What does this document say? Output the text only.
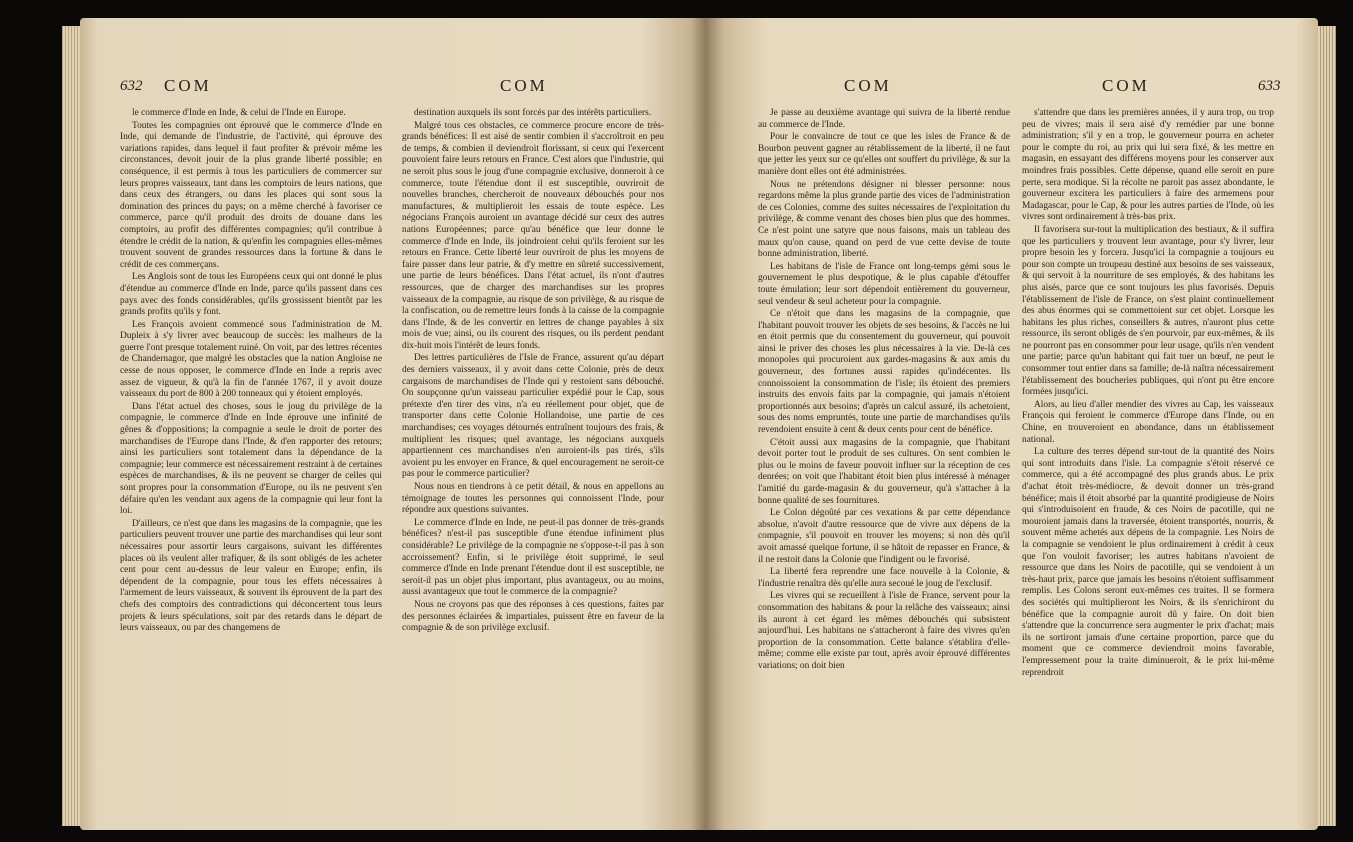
632 COM	COM

le commerce d'Inde en Inde, & celui de l'Inde en Europe.

Toutes les compagnies ont éprouvé que le commerce d'Inde en Inde, qui demande de l'industrie, de l'activité, qui éprouve des variations rapides, dans lequel il faut profiter & prévoir même les circonstances, devoit jouir de la plus grande liberté possible; en conséquence, il est permis à tous les particuliers de commercer sur leurs propres vaisseaux, tant dans les comptoirs de leurs nations, que dans ceux des étrangers, ou dans les places qui sont sous la domination des princes du pays; on a même cherché à favoriser ce commerce, parce qu'il produit des droits de douane dans les comptoirs, au profit des différentes compagnies; qu'il contribue à étendre le crédit de la nation, & qu'enfin les compagnies elles-mêmes trouvent souvent de grandes ressources dans la fortune & dans le crédit de ces commerçans.

Les Anglois sont de tous les Européens ceux qui ont donné le plus d'étendue au commerce d'Inde en Inde, parce qu'ils passent dans ces pays avec des fonds considérables, qu'ils grossissent bientôt par les grands profits qu'ils y font.

Les François avoient commencé sous l'administration de M. Dupleix à s'y livrer avec beaucoup de succès: les malheurs de la guerre l'ont presque totalement ruiné. On voit, par des lettres récentes de Chandernagor, que malgré les obstacles que la nation Angloise ne cesse de nous opposer, le commerce d'Inde en Inde a repris avec assez de vigueur, & qu'à la fin de l'année 1767, il y avoit douze vaisseaux du port de 800 à 200 tonneaux qui y étoient employés.

Dans l'état actuel des choses, sous le joug du privilège de la compagnie, le commerce d'Inde en Inde éprouve une infinité de gênes & d'oppositions; la compagnie a seule le droit de porter des marchandises de l'Europe dans l'Inde, & d'en rapporter des retours; ainsi les particuliers sont totalement dans la dépendance de la compagnie; leur commerce est nécessairement restraint à de certaines espèces de marchandises, & ils ne peuvent se charger de celles qui sont propres pour la consommation d'Europe, ou ils ne peuvent s'en défaire qu'en les vendant aux agens de la compagnie qui leur font la loi.

D'ailleurs, ce n'est que dans les magasins de la compagnie, que les particuliers peuvent trouver une partie des marchandises qui leur sont nécessaires pour assortir leurs cargaisons, suivant les différentes places où ils veulent aller trafiquer, & ils sont obligés de les acheter cent pour cent au-dessus de leur valeur en Europe; enfin, ils dépendent de la compagnie, pour tous les effets nécessaires à l'armement de leurs vaisseaux, & souvent ils éprouvent de la part des chefs des comptoirs des contradictions qui déconcertent tous leurs projets & leurs spéculations, soit par des retards dans le départ de leurs vaisseaux, ou par des changemens de

destination auxquels ils sont forcés par des intérêts particuliers.

Malgré tous ces obstacles, ce commerce procure encore de très-grands bénéfices: Il est aisé de sentir combien il s'accroîtroit en peu de temps, & combien il deviendroit florissant, si ceux qui l'exercent pouvoient faire leurs retours en France. C'est alors que l'industrie, qui ne seroit plus sous le joug d'une compagnie exclusive, donneroit à ce commerce, toute l'étendue dont il est susceptible, ouvriroit de nouvelles branches, chercheroit de nouveaux débouchés pour nos manufactures, & multiplieroit les essais de toute espèce. Les négocians François auroient un avantage décidé sur ceux des autres nations Européennes; parce qu'au bénéfice que leur donne le commerce d'Inde en Inde, ils joindroient celui qu'ils feroient sur les retours en France. Cette liberté leur ouvriroit de plus les moyens de faire passer dans leur patrie, & d'y mettre en sûreté successivement, une partie de leurs bénéfices. Dans l'état actuel, ils n'ont d'autres ressources, que de charger des marchandises sur les propres vaisseaux de la compagnie, au risque de son privilège, & au risque de la confiscation, ou de remettre leurs fonds à la caisse de la compagnie dans l'Inde, & de les convertir en lettres de change payables à six mois de vue; ainsi, ou ils courent des risques, ou ils perdent pendant dix-huit mois l'intérêt de leurs fonds.

Des lettres particulières de l'Isle de France, assurent qu'au départ des derniers vaisseaux, il y avoit dans cette Colonie, près de deux cargaisons de marchandises de l'Inde qui y restoient sans débouché. On soupçonne qu'un vaisseau particulier expédié pour le Cap, sous prétexte d'en tirer des vins, n'a eu réellement pour objet, que de transporter dans cette Colonie Hollandoise, une partie de ces marchandises; ces voyages détournés entraînent toujours des frais, & multiplient les risques; quel avantage, les négocians auxquels appartiennent ces marchandises n'en auroient-ils pas tirés, s'ils avoient pu les envoyer en France, & quel encouragement ne seroit-ce pas pour le commerce particulier?

Nous nous en tiendrons à ce petit détail, & nous en appellons au témoignage de toutes les personnes qui connoissent l'Inde, pour répondre aux questions suivantes.

Le commerce d'Inde en Inde, ne peut-il pas donner de très-grands bénéfices? n'est-il pas susceptible d'une étendue infiniment plus considérable? Le privilège de la compagnie ne s'oppose-t-il pas à son accroissement? Enfin, si le privilège étoit supprimé, le seul commerce d'Inde en Inde prenant l'étendue dont il est susceptible, ne seroit-il pas un objet plus important, plus avantageux, ou au moins, aussi avantageux que tout le commerce de la compagnie?

Nous ne croyons pas que des réponses à ces questions, faites par des personnes éclairées & impartiales, puissent être en faveur de la compagnie & de son privilège exclusif.

COM	COM	633

Je passe au deuxième avantage qui suivra de la liberté rendue au commerce de l'Inde.

Pour le convaincre de tout ce que les isles de France & de Bourbon peuvent gagner au rétablissement de la liberté, il ne faut que jetter les yeux sur ce qu'elles ont souffert du privilège, & sur la manière dont elles ont été administrées.

Nous ne prétendons désigner ni blesser personne: nous regardons même la plus grande partie des vices de l'administration de ces Colonies, comme des suites nécessaires de l'exploitation du privilège, & comme venant des choses bien plus que des hommes. Ce n'est point une satyre que nous faisons, mais un tableau des maux qu'on cause, quand on perd de vue cette devise de toute bonne administration, liberté.

Les habitans de l'isle de France ont long-temps gémi sous le gouvernement le plus despotique, & le plus capable d'étouffer toute émulation; leur sort dépendoit entièrement du gouverneur, seul vendeur & seul acheteur pour la compagnie.

Ce n'étoit que dans les magasins de la compagnie, que l'habitant pouvoit trouver les objets de ses besoins, & l'accès ne lui en étoit permis que du consentement du gouverneur, qui pouvoit ainsi le priver des choses les plus nécessaires à la vie. De-là ces monopoles qui procuroient aux gardes-magasins & aux amis du gouverneur, des fortunes aussi rapides qu'indécentes. Ils connoissoient la consommation de l'isle; ils étoient des premiers instruits des envois faits par la compagnie, qui jamais n'étoient proportionnés aux besoins; d'après un calcul assuré, ils achetoient, sous des noms empruntés, toute une partie de marchandises qu'ils revendoient ensuite à cent & deux cents pour cent de bénéfice.

C'étoit aussi aux magasins de la compagnie, que l'habitant devoit porter tout le produit de ses cultures. On sent combien le plus ou le moins de faveur pouvoit influer sur la réception de ces denrées; on voit que l'habitant étoit bien plus intéressé à ménager l'amitié du garde-magasin & du gouverneur, qu'à s'attacher à la bonne qualité de ses fournitures.

Le Colon dégoûté par ces vexations & par cette dépendance absolue, n'avoit d'autre ressource que de vivre aux dépens de la compagnie, s'il pouvoit en trouver les moyens; si non dès qu'il avoit amassé quelque fortune, il se hâtoit de repasser en France, & il ne restoit dans la Colonie que l'indigent ou le favorisé.

La liberté fera reprendre une face nouvelle à la Colonie, & l'industrie renaîtra dès qu'elle aura secoué le joug de l'exclusif.

Les vivres qui se recueillent à l'isle de France, servent pour la consommation des habitans & pour la relâche des vaisseaux; ainsi ils auront à cet égard les mêmes débouchés qui subsistent aujourd'hui. Les habitans ne s'attacheront à faire des vivres qu'en proportion de la consommation. Cette balance s'établira d'elle-même; comme elle existe par tout, après avoir éprouvé différentes variations; on doit bien

s'attendre que dans les premières années, il y aura trop, ou trop peu de vivres; mais il sera aisé d'y remédier par une bonne administration; s'il y en a trop, le gouverneur pourra en acheter pour le compte du roi, au prix qui lui sera fixé, & les mettre en magasin, en essayant des différens moyens pour les conserver aux moindres frais possibles. Cette dépense, quand elle seroit en pure perte, sera modique. Si la récolte ne paroit pas assez abondante, le gouverneur excitera les particuliers à faire des armemens pour Madagascar, pour le Cap, & pour les autres parties de l'Inde, où les vivres sont ordinairement à très-bas prix.

Il favorisera sur-tout la multiplication des bestiaux, & il suffira que les particuliers y trouvent leur avantage, pour s'y livrer, leur propre besoin les y forcera. Jusqu'ici la compagnie a toujours eu pour son compte un troupeau destiné aux besoins de ses vaisseaux, & qui servoit à la nourriture de ses employés, & des habitans les plus aisés, parce que ce sont toujours les plus favorisés. Depuis l'établissement de l'isle de France, on s'est plaint continuellement des abus énormes qui se commettoient sur cet objet. Lorsque les habitans les plus riches, conseillers & autres, n'auront plus cette ressource, ils seront obligés de s'en pourvoir, par eux-mêmes, & ils ne pourront pas en consommer pour leur usage, qu'ils n'en vendent une partie; parce qu'un habitant qui fait tuer un bœuf, ne peut le consommer tout entier dans sa famille; de-là naîtra nécessairement l'établissement des boucheries publiques, qui n'ont pu être encore formées jusqu'ici.

Alors, au lieu d'aller mendier des vivres au Cap, les vaisseaux François qui feroient le commerce d'Europe dans l'Inde, ou en Chine, en trouveroient en abondance, dans un établissement national.

La culture des terres dépend sur-tout de la quantité des Noirs qui sont introduits dans l'isle. La compagnie s'étoit réservé ce commerce, qui a été accompagné des plus grands abus. Le prix d'achat étoit très-médiocre, & devoit donner un très-grand bénéfice; mais il étoit absorbé par la quantité prodigieuse de Noirs qui s'introduisoient en fraude, & ces Noirs de pacotille, qui ne mouroient jamais dans la traversée, étoient transportés, nourris, & souvent même achetés aux dépens de la compagnie. Les Noirs de la compagnie se vendoient le plus ordinairement à crédit à ceux que l'on vouloit favoriser; les autres habitans n'avoient de ressource que dans les Noirs de pacotille, qui se vendoient à un très-haut prix, parce que jamais les besoins n'étoient suffisamment remplis. Les Colons seront eux-mêmes ces traites. Il se formera des sociétés qui multiplieront les Noirs, & ils s'enrichiront du bénéfice que la compagnie auroit dû y faire. On doit bien s'attendre que la concurrence sera augmenter le prix d'achat; mais ils ne sortiront jamais d'une certaine proportion, parce que du moment que ce commerce deviendroit moins favorable, l'empressement pour la traite diminueroit, & le prix lui-même reprendroit
